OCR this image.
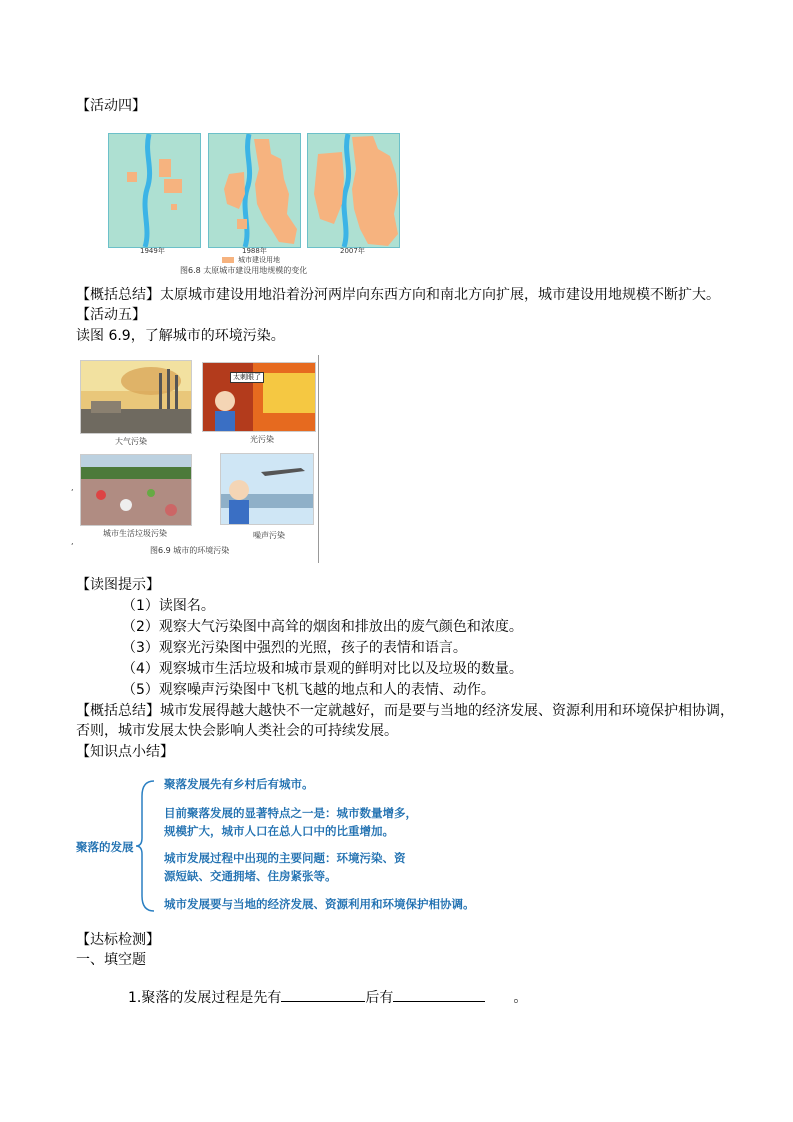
【活动四】
1949年	1988年	2007年
城市建设用地
图6.8 太原城市建设用地规模的变化
【概括总结】太原城市建设用地沿着汾河两岸向东西方向和南北方向扩展，城市建设用地规模不断扩大。
【活动五】
读图 6.9，了解城市的环境污染。
大气污染
太刺眼了
光污染
城市生活垃圾污染	噪声污染
图6.9 城市的环境污染
,
,
【读图提示】
（1）读图名。
（2）观察大气污染图中高耸的烟囱和排放出的废气颜色和浓度。
（3）观察光污染图中强烈的光照，孩子的表情和语言。
（4）观察城市生活垃圾和城市景观的鲜明对比以及垃圾的数量。
（5）观察噪声污染图中飞机飞越的地点和人的表情、动作。
【概括总结】城市发展得越大越快不一定就越好，而是要与当地的经济发展、资源利用和环境保护相协调，
否则，城市发展太快会影响人类社会的可持续发展。
【知识点小结】
聚落的发展
聚落发展先有乡村后有城市。
目前聚落发展的显著特点之一是：城市数量增多，
规模扩大，城市人口在总人口中的比重增加。
城市发展过程中出现的主要问题：环境污染、资
源短缺、交通拥堵、住房紧张等。
城市发展要与当地的经济发展、资源利用和环境保护相协调。
【达标检测】
一、填空题
1.聚落的发展过程是先有	后有	。
